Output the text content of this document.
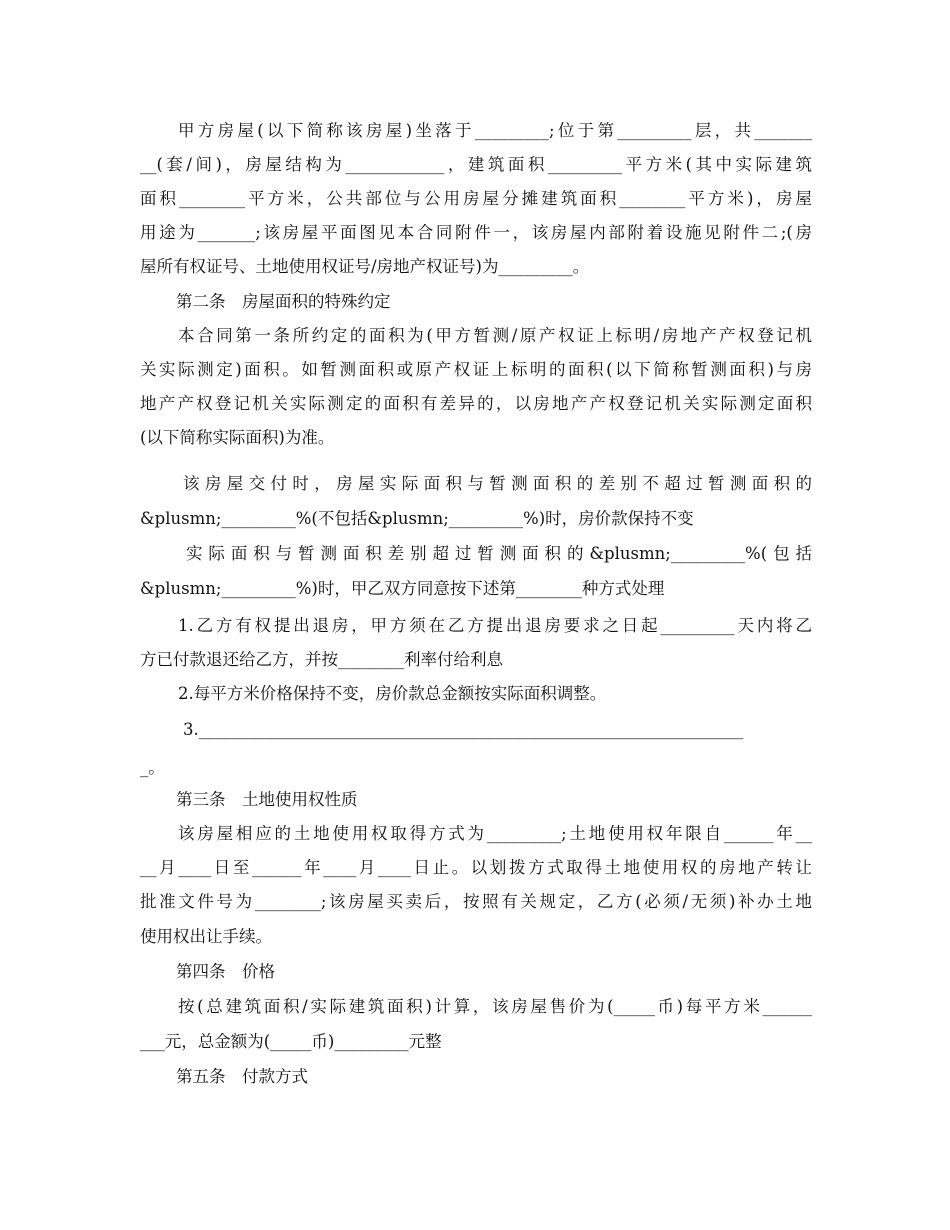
甲方房屋(以下简称该房屋)坐落于_________;位于第_________层，共_______
__(套/间)，房屋结构为____________，建筑面积_________平方米(其中实际建筑
面积________平方米，公共部位与公用房屋分摊建筑面积________平方米)，房屋
用途为_______;该房屋平面图见本合同附件一，该房屋内部附着设施见附件二;(房
屋所有权证号、土地使用权证号/房地产权证号)为_________。
第二条　房屋面积的特殊约定
本合同第一条所约定的面积为(甲方暂测/原产权证上标明/房地产产权登记机
关实际测定)面积。如暂测面积或原产权证上标明的面积(以下简称暂测面积)与房
地产产权登记机关实际测定的面积有差异的，以房地产产权登记机关实际测定面积
(以下简称实际面积)为准。
该房屋交付时，房屋实际面积与暂测面积的差别不超过暂测面积的
&plusmn;_________%(不包括&plusmn;_________%)时，房价款保持不变
实际面积与暂测面积差别超过暂测面积的&plusmn;_________%(包括
&plusmn;_________%)时，甲乙双方同意按下述第________种方式处理
1.乙方有权提出退房，甲方须在乙方提出退房要求之日起_________天内将乙
方已付款退还给乙方，并按________利率付给利息
2.每平方米价格保持不变，房价款总金额按实际面积调整。
3.__________________________________________________________________
_。
第三条　土地使用权性质
该房屋相应的土地使用权取得方式为_________;土地使用权年限自______年__
__月____日至______年____月____日止。以划拨方式取得土地使用权的房地产转让
批准文件号为________;该房屋买卖后，按照有关规定，乙方(必须/无须)补办土地
使用权出让手续。
第四条　价格
按(总建筑面积/实际建筑面积)计算，该房屋售价为(_____币)每平方米______
___元，总金额为(_____币)_________元整
第五条　付款方式
